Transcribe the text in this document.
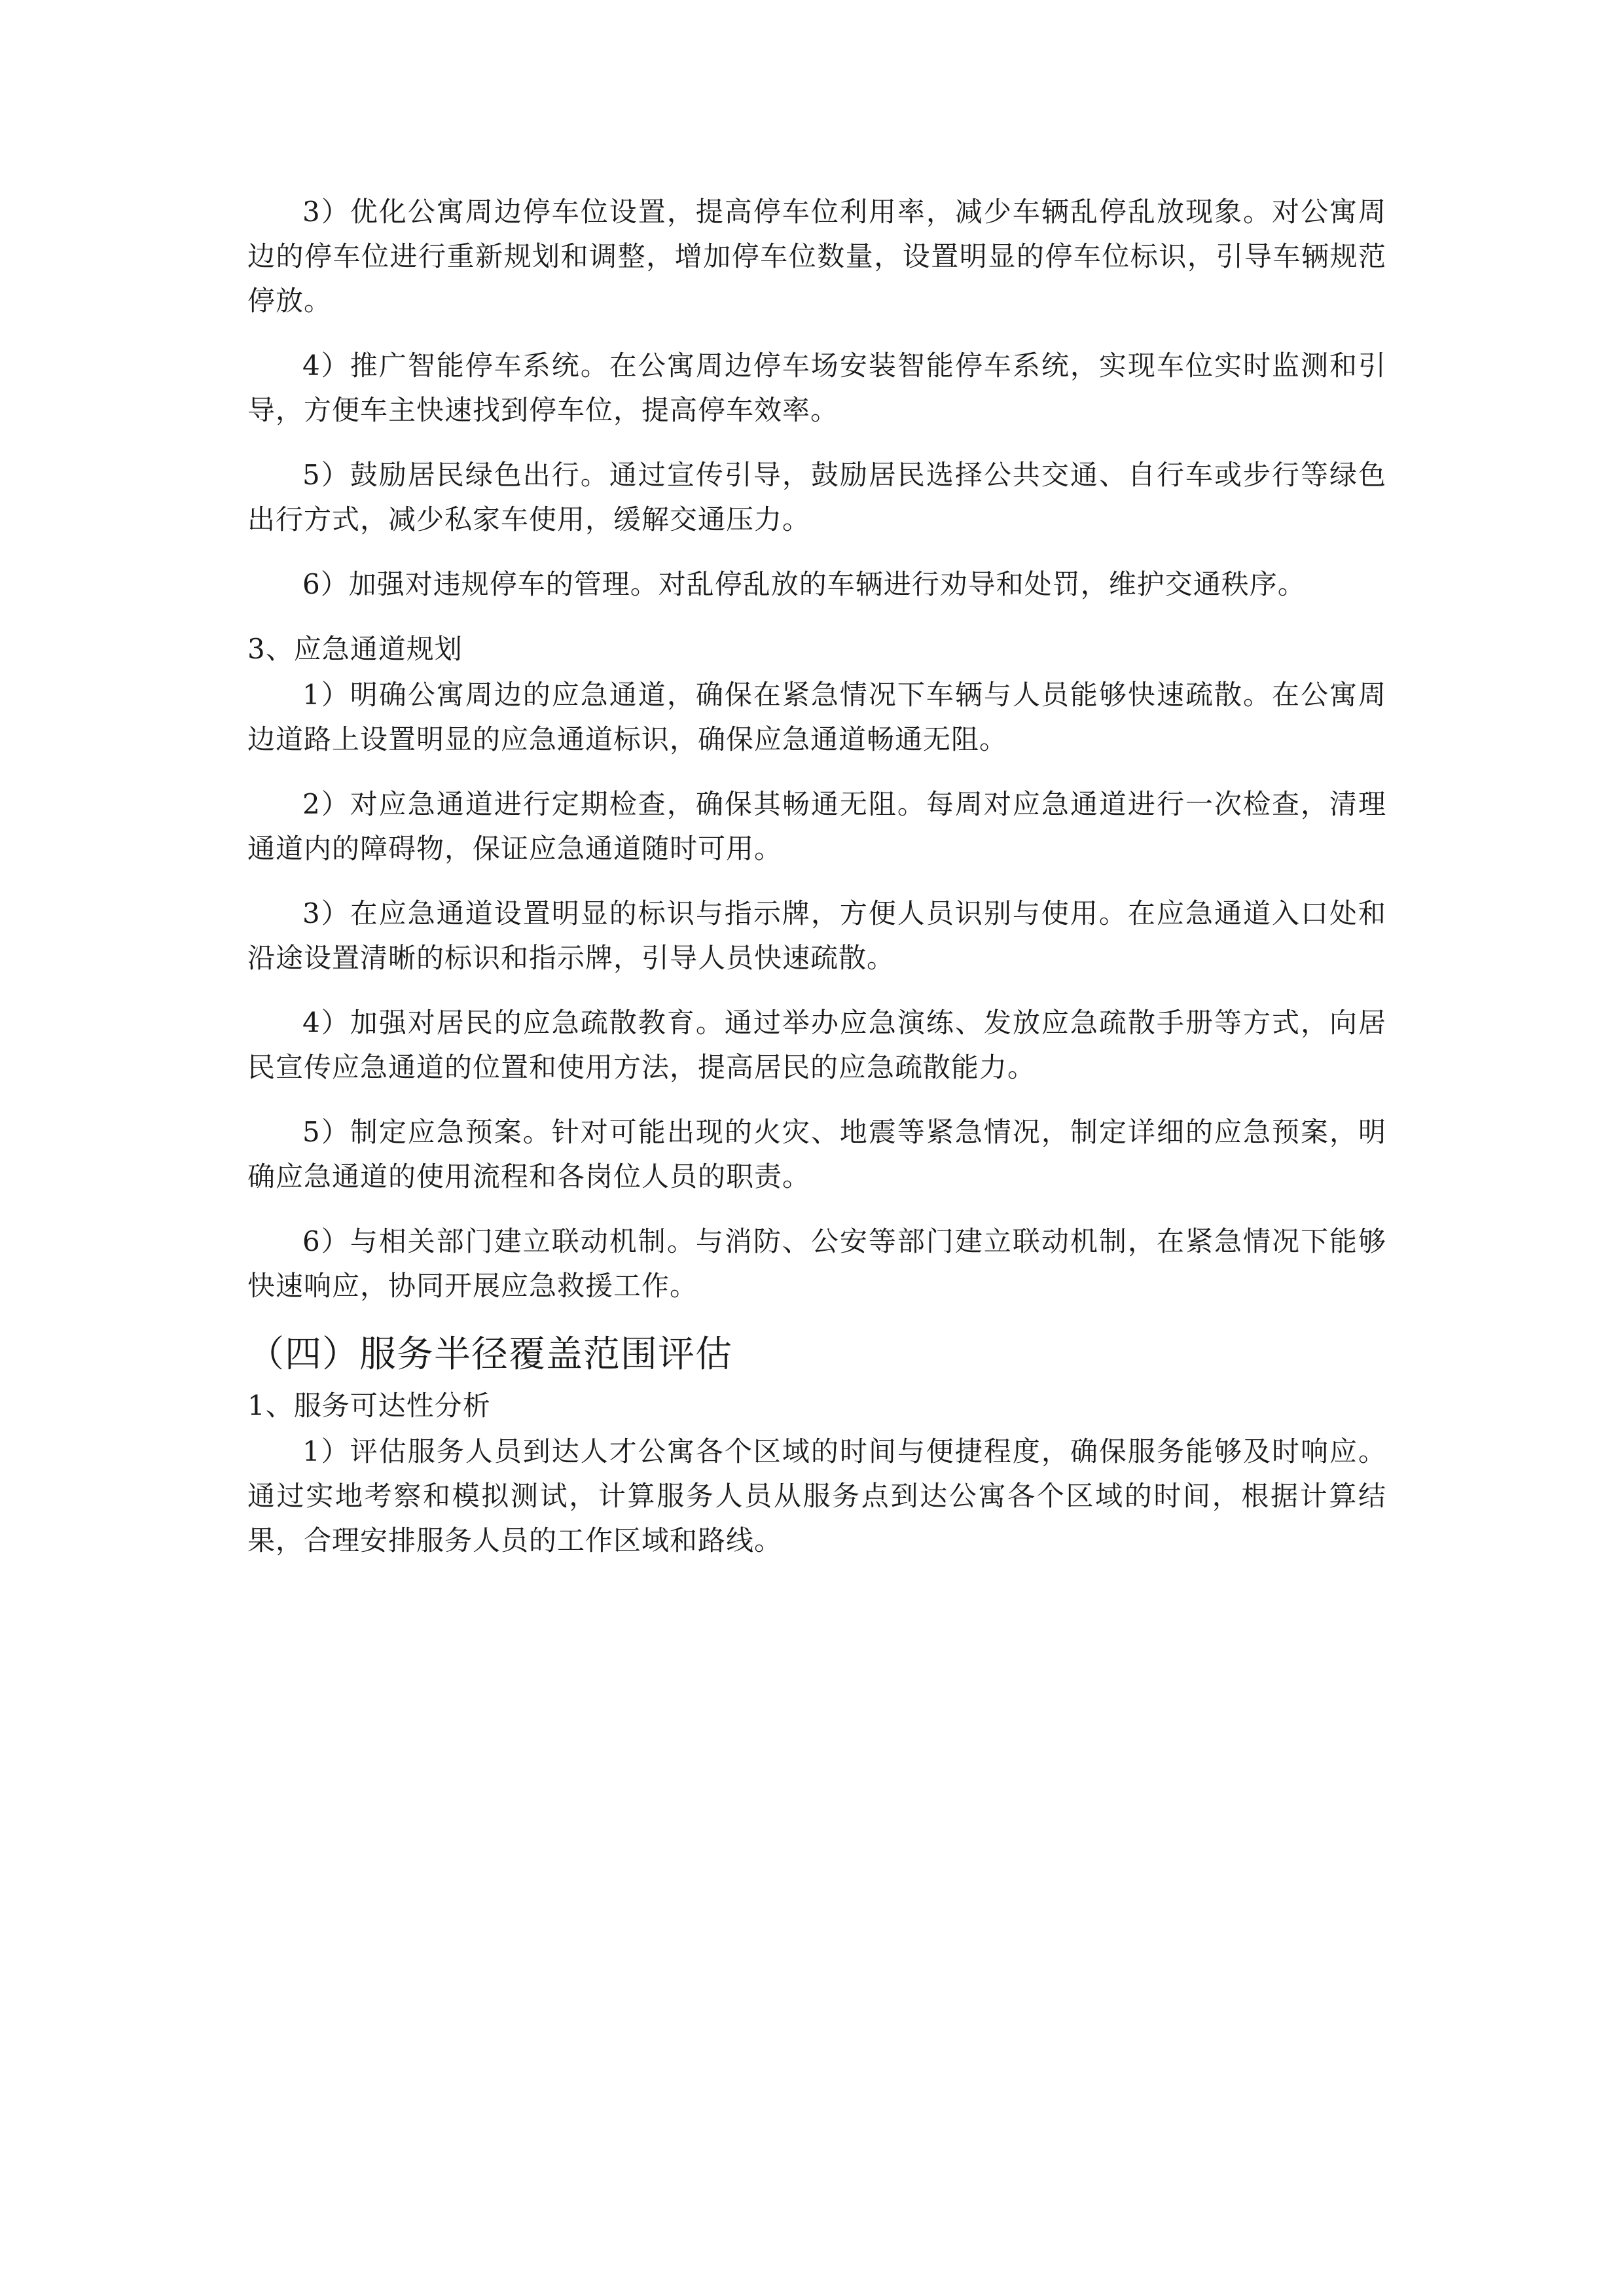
3）优化公寓周边停车位设置，提高停车位利用率，减少车辆乱停乱放现象。对公寓周边的停车位进行重新规划和调整，增加停车位数量，设置明显的停车位标识，引导车辆规范停放。

4）推广智能停车系统。在公寓周边停车场安装智能停车系统，实现车位实时监测和引导，方便车主快速找到停车位，提高停车效率。

5）鼓励居民绿色出行。通过宣传引导，鼓励居民选择公共交通、自行车或步行等绿色出行方式，减少私家车使用，缓解交通压力。

6）加强对违规停车的管理。对乱停乱放的车辆进行劝导和处罚，维护交通秩序。

3、应急通道规划

1）明确公寓周边的应急通道，确保在紧急情况下车辆与人员能够快速疏散。在公寓周边道路上设置明显的应急通道标识，确保应急通道畅通无阻。

2）对应急通道进行定期检查，确保其畅通无阻。每周对应急通道进行一次检查，清理通道内的障碍物，保证应急通道随时可用。

3）在应急通道设置明显的标识与指示牌，方便人员识别与使用。在应急通道入口处和沿途设置清晰的标识和指示牌，引导人员快速疏散。

4）加强对居民的应急疏散教育。通过举办应急演练、发放应急疏散手册等方式，向居民宣传应急通道的位置和使用方法，提高居民的应急疏散能力。

5）制定应急预案。针对可能出现的火灾、地震等紧急情况，制定详细的应急预案，明确应急通道的使用流程和各岗位人员的职责。

6）与相关部门建立联动机制。与消防、公安等部门建立联动机制，在紧急情况下能够快速响应，协同开展应急救援工作。

（四）服务半径覆盖范围评估

1、服务可达性分析

1）评估服务人员到达人才公寓各个区域的时间与便捷程度，确保服务能够及时响应。通过实地考察和模拟测试，计算服务人员从服务点到达公寓各个区域的时间，根据计算结果，合理安排服务人员的工作区域和路线。
